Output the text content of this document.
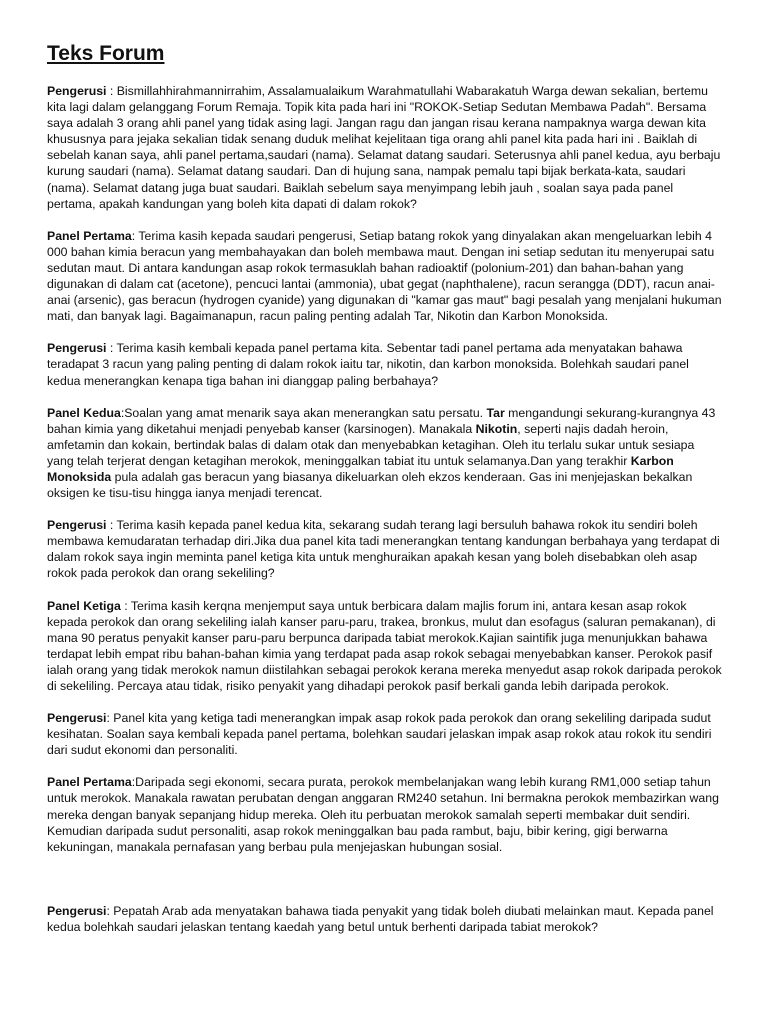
Teks Forum

Pengerusi : Bismillahhirahmannirrahim, Assalamualaikum Warahmatullahi Wabarakatuh Warga dewan sekalian, bertemu kita lagi dalam gelanggang Forum Remaja. Topik kita pada hari ini "ROKOK-Setiap Sedutan Membawa Padah". Bersama saya adalah 3 orang ahli panel yang tidak asing lagi. Jangan ragu dan jangan risau kerana nampaknya warga dewan kita khususnya para jejaka sekalian tidak senang duduk melihat kejelitaan tiga orang ahli panel kita pada hari ini . Baiklah di sebelah kanan saya, ahli panel pertama,saudari (nama). Selamat datang saudari. Seterusnya ahli panel kedua, ayu berbaju kurung saudari (nama). Selamat datang saudari. Dan di hujung sana, nampak pemalu tapi bijak berkata-kata, saudari (nama). Selamat datang juga buat saudari. Baiklah sebelum saya menyimpang lebih jauh , soalan saya pada panel pertama, apakah kandungan yang boleh kita dapati di dalam rokok?

Panel Pertama: Terima kasih kepada saudari pengerusi, Setiap batang rokok yang dinyalakan akan mengeluarkan lebih 4 000 bahan kimia beracun yang membahayakan dan boleh membawa maut. Dengan ini setiap sedutan itu menyerupai satu sedutan maut. Di antara kandungan asap rokok termasuklah bahan radioaktif (polonium-201) dan bahan-bahan yang digunakan di dalam cat (acetone), pencuci lantai (ammonia), ubat gegat (naphthalene), racun serangga (DDT), racun anai-anai (arsenic), gas beracun (hydrogen cyanide) yang digunakan di "kamar gas maut" bagi pesalah yang menjalani hukuman mati, dan banyak lagi. Bagaimanapun, racun paling penting adalah Tar, Nikotin dan Karbon Monoksida.

Pengerusi : Terima kasih kembali kepada panel pertama kita. Sebentar tadi panel pertama ada menyatakan bahawa teradapat 3 racun yang paling penting di dalam rokok iaitu tar, nikotin, dan karbon monoksida. Bolehkah saudari panel kedua menerangkan kenapa tiga bahan ini dianggap paling berbahaya?

Panel Kedua:Soalan yang amat menarik saya akan menerangkan satu persatu. Tar mengandungi sekurang-kurangnya 43 bahan kimia yang diketahui menjadi penyebab kanser (karsinogen). Manakala Nikotin, seperti najis dadah heroin, amfetamin dan kokain, bertindak balas di dalam otak dan menyebabkan ketagihan. Oleh itu terlalu sukar untuk sesiapa yang telah terjerat dengan ketagihan merokok, meninggalkan tabiat itu untuk selamanya.Dan yang terakhir Karbon Monoksida pula adalah gas beracun yang biasanya dikeluarkan oleh ekzos kenderaan. Gas ini menjejaskan bekalkan oksigen ke tisu-tisu hingga ianya menjadi terencat.

Pengerusi : Terima kasih kepada panel kedua kita, sekarang sudah terang lagi bersuluh bahawa rokok itu sendiri boleh membawa kemudaratan terhadap diri.Jika dua panel kita tadi menerangkan tentang kandungan berbahaya yang terdapat di dalam rokok saya ingin meminta panel ketiga kita untuk menghuraikan apakah kesan yang boleh disebabkan oleh asap rokok pada perokok dan orang sekeliling?

Panel Ketiga : Terima kasih kerqna menjemput saya untuk berbicara dalam majlis forum ini, antara kesan asap rokok kepada perokok dan orang sekeliling ialah kanser paru-paru, trakea, bronkus, mulut dan esofagus (saluran pemakanan), di mana 90 peratus penyakit kanser paru-paru berpunca daripada tabiat merokok.Kajian saintifik juga menunjukkan bahawa terdapat lebih empat ribu bahan-bahan kimia yang terdapat pada asap rokok sebagai menyebabkan kanser. Perokok pasif ialah orang yang tidak merokok namun diistilahkan sebagai perokok kerana mereka menyedut asap rokok daripada perokok di sekeliling. Percaya atau tidak, risiko penyakit yang dihadapi perokok pasif berkali ganda lebih daripada perokok.

Pengerusi: Panel kita yang ketiga tadi menerangkan impak asap rokok pada perokok dan orang sekeliling daripada sudut kesihatan. Soalan saya kembali kepada panel pertama, bolehkan saudari jelaskan impak asap rokok atau rokok itu sendiri dari sudut ekonomi dan personaliti.

Panel Pertama:Daripada segi ekonomi, secara purata, perokok membelanjakan wang lebih kurang RM1,000 setiap tahun untuk merokok. Manakala rawatan perubatan dengan anggaran RM240 setahun. Ini bermakna perokok membazirkan wang mereka dengan banyak sepanjang hidup mereka. Oleh itu perbuatan merokok samalah seperti membakar duit sendiri. Kemudian daripada sudut personaliti, asap rokok meninggalkan bau pada rambut, baju, bibir kering, gigi berwarna kekuningan, manakala pernafasan yang berbau pula menjejaskan hubungan sosial.

Pengerusi: Pepatah Arab ada menyatakan bahawa tiada penyakit yang tidak boleh diubati melainkan maut. Kepada panel kedua bolehkah saudari jelaskan tentang kaedah yang betul untuk berhenti daripada tabiat merokok?
